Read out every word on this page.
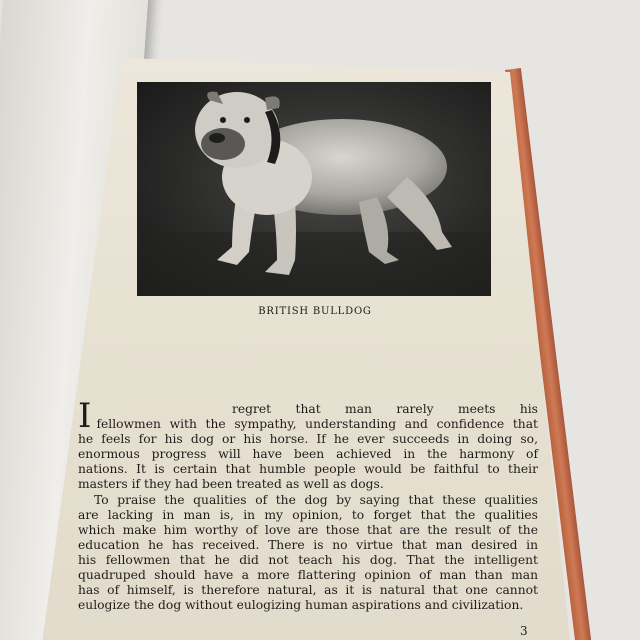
BRITISH BULLDOG
I	regret that man rarely meets his
fellowmen with the sympathy, understanding and confidence that
he feels for his dog or his horse. If he ever succeeds in doing so,
enormous progress will have been achieved in the harmony of
nations. It is certain that humble people would be faithful to their
masters if they had been treated as well as dogs.
To praise the qualities of the dog by saying that these qualities
are lacking in man is, in my opinion, to forget that the qualities
which make him worthy of love are those that are the result of the
education he has received. There is no virtue that man desired in
his fellowmen that he did not teach his dog. That the intelligent
quadruped should have a more flattering opinion of man than man
has of himself, is therefore natural, as it is natural that one cannot
eulogize the dog without eulogizing human aspirations and civilization.
3
